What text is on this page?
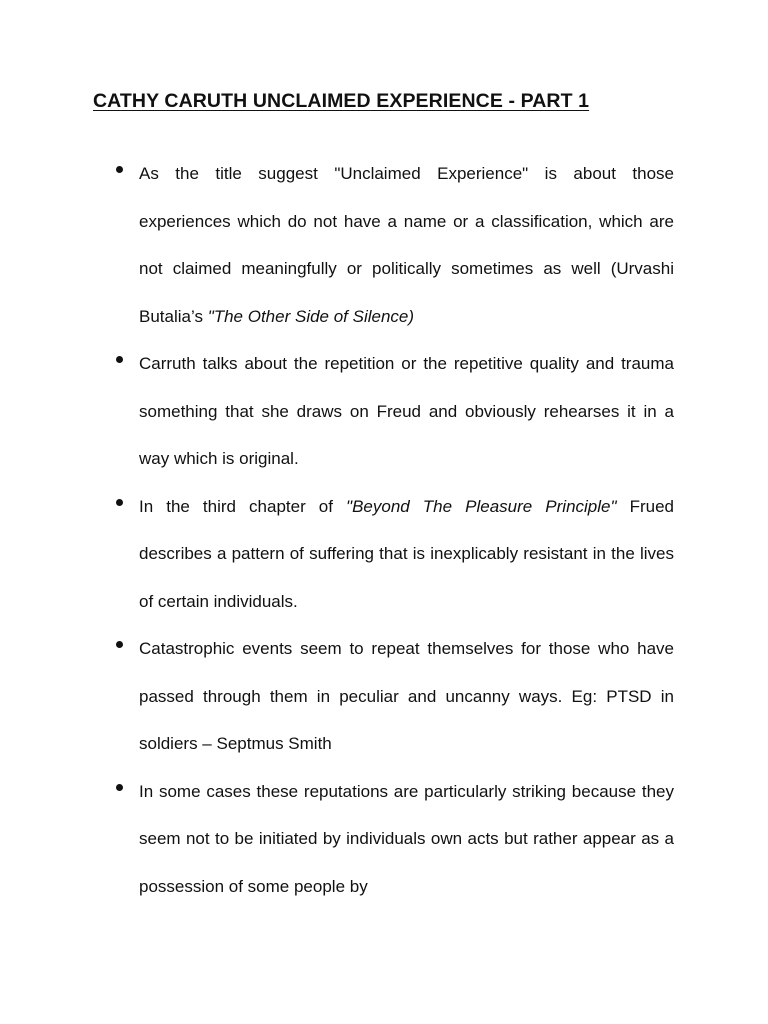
CATHY CARUTH UNCLAIMED EXPERIENCE - PART 1
As the title suggest "Unclaimed Experience" is about those experiences which do not have a name or a classification, which are not claimed meaningfully or politically sometimes as well (Urvashi Butalia’s "The Other Side of Silence)
Carruth talks about the repetition or the repetitive quality and trauma something that she draws on Freud and obviously rehearses it in a way which is original.
In the third chapter of "Beyond The Pleasure Principle" Frued describes a pattern of suffering that is inexplicably resistant in the lives of certain individuals.
Catastrophic events seem to repeat themselves for those who have passed through them in peculiar and uncanny ways. Eg: PTSD in soldiers – Septmus Smith
In some cases these reputations are particularly striking because they seem not to be initiated by individuals own acts but rather appear as a possession of some people by
